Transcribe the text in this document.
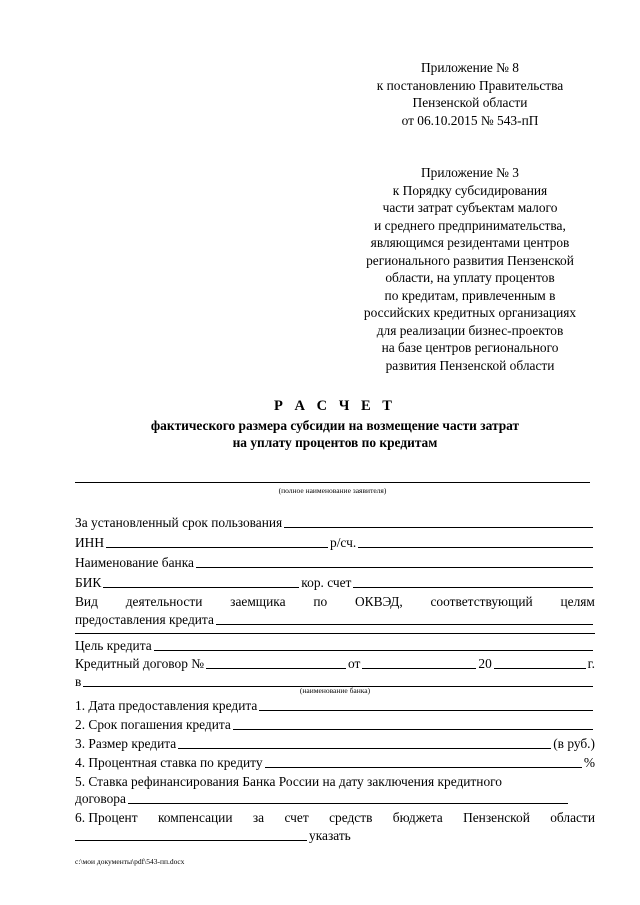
Приложение № 8
к постановлению Правительства
Пензенской области
от 06.10.2015 № 543-пП
Приложение № 3
к Порядку субсидирования
части затрат субъектам малого
и среднего предпринимательства,
являющимся резидентами центров
регионального развития Пензенской
области, на уплату процентов
по кредитам, привлеченным в
российских кредитных организациях
для реализации бизнес-проектов
на базе центров регионального
развития Пензенской области
Р А С Ч Е Т
фактического размера субсидии на возмещение части затрат
на уплату процентов по кредитам
(полное наименование заявителя)
За установленный срок пользования
ИНН	р/сч.
Наименование банка
БИК	кор. счет
Вид деятельности заемщика по ОКВЭД, соответствующий целям
предоставления кредита
Цель кредита
Кредитный договор №	от	20	г.
в
(наименование банка)
1. Дата предоставления кредита
2. Срок погашения кредита
3. Размер кредита	(в руб.)
4. Процентная ставка по кредиту	%
5. Ставка рефинансирования Банка России на дату заключения кредитного
договора
6. Процент компенсации за счет средств бюджета Пензенской области
указать
c:\мои документы\pdf\543-пп.docx
